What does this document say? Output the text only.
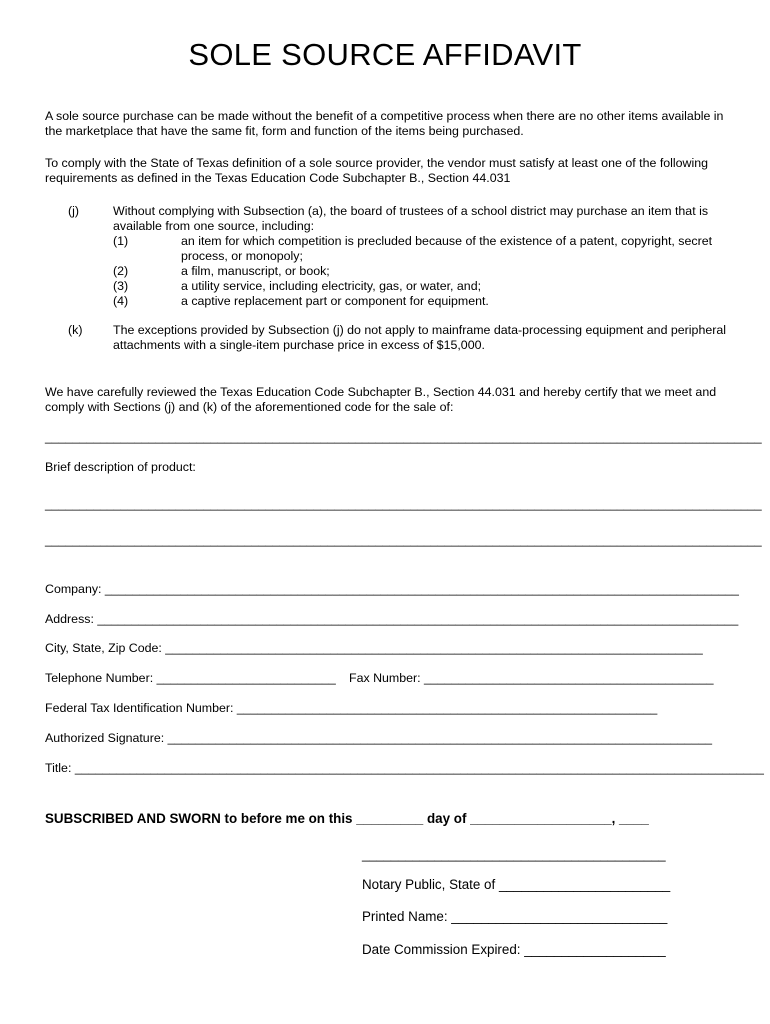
SOLE SOURCE AFFIDAVIT
A sole source purchase can be made without the benefit of a competitive process when there are no other items available in the marketplace that have the same fit, form and function of the items being purchased.
To comply with the State of Texas definition of a sole source provider, the vendor must satisfy at least one of the following requirements as defined in the Texas Education Code Subchapter B., Section 44.031
(j)	Without complying with Subsection (a), the board of trustees of a school district may purchase an item that is available from one source, including:
(1)	an item for which competition is precluded because of the existence of a patent, copyright, secret process, or monopoly;
(2)	a film, manuscript, or book;
(3)	a utility service, including electricity, gas, or water, and;
(4)	a captive replacement part or component for equipment.
(k) The exceptions provided by Subsection (j) do not apply to mainframe data-processing equipment and peripheral attachments with a single-item purchase price in excess of $15,000.
We have carefully reviewed the Texas Education Code Subchapter B., Section 44.031 and hereby certify that we meet and comply with Sections (j) and (k) of the aforementioned code for the sale of:
________________________________________________________________________________________________________
Brief description of product:
________________________________________________________________________________________________________
________________________________________________________________________________________________________
Company: ____________________________________________________________________________________________
Address: _____________________________________________________________________________________________
City, State, Zip Code: ______________________________________________________________________________
Telephone Number: __________________________	Fax Number: __________________________________________
Federal Tax Identification Number: _____________________________________________________________
Authorized Signature: _______________________________________________________________________________
Title: ____________________________________________________________________________________________________
SUBSCRIBED AND SWORN to before me on this _________ day of ___________________, ____
__________________________________________
Notary Public, State of _______________________
Printed Name: _____________________________
Date Commission Expired: ___________________
